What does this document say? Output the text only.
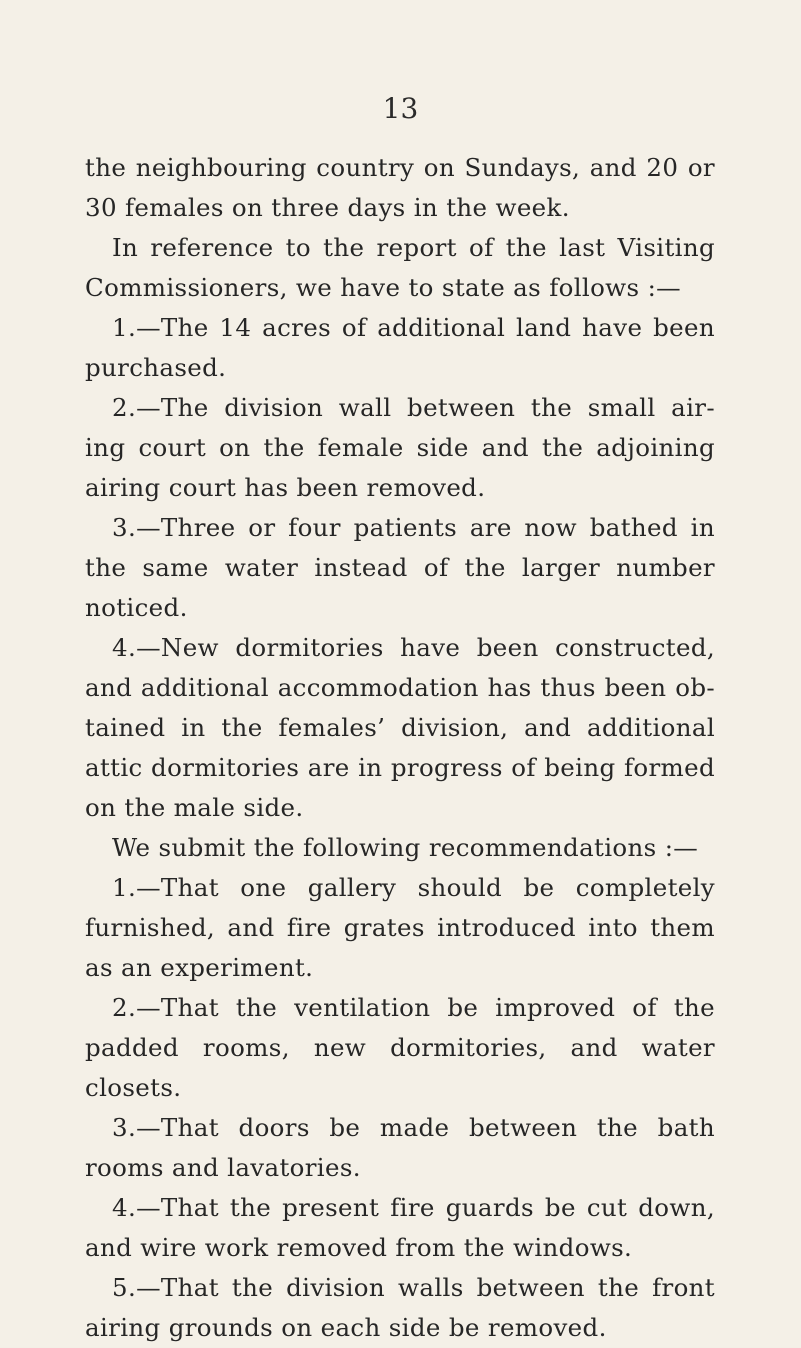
13

the neighbouring country on Sundays, and 20 or 30 females on three days in the week.

In reference to the report of the last Visiting Commissioners, we have to state as follows :—

1.—The 14 acres of additional land have been purchased.

2.—The division wall between the small air- ing court on the female side and the adjoining airing court has been removed.

3.—Three or four patients are now bathed in the same water instead of the larger number noticed.

4.—New dormitories have been constructed, and additional accommodation has thus been ob- tained in the females’ division, and additional attic dormitories are in progress of being formed on the male side.

We submit the following recommendations :—

1.—That one gallery should be completely furnished, and fire grates introduced into them as an experiment.

2.—That the ventilation be improved of the padded rooms, new dormitories, and water closets.

3.—That doors be made between the bath rooms and lavatories.

4.—That the present fire guards be cut down, and wire work removed from the windows.

5.—That the division walls between the front airing grounds on each side be removed.
